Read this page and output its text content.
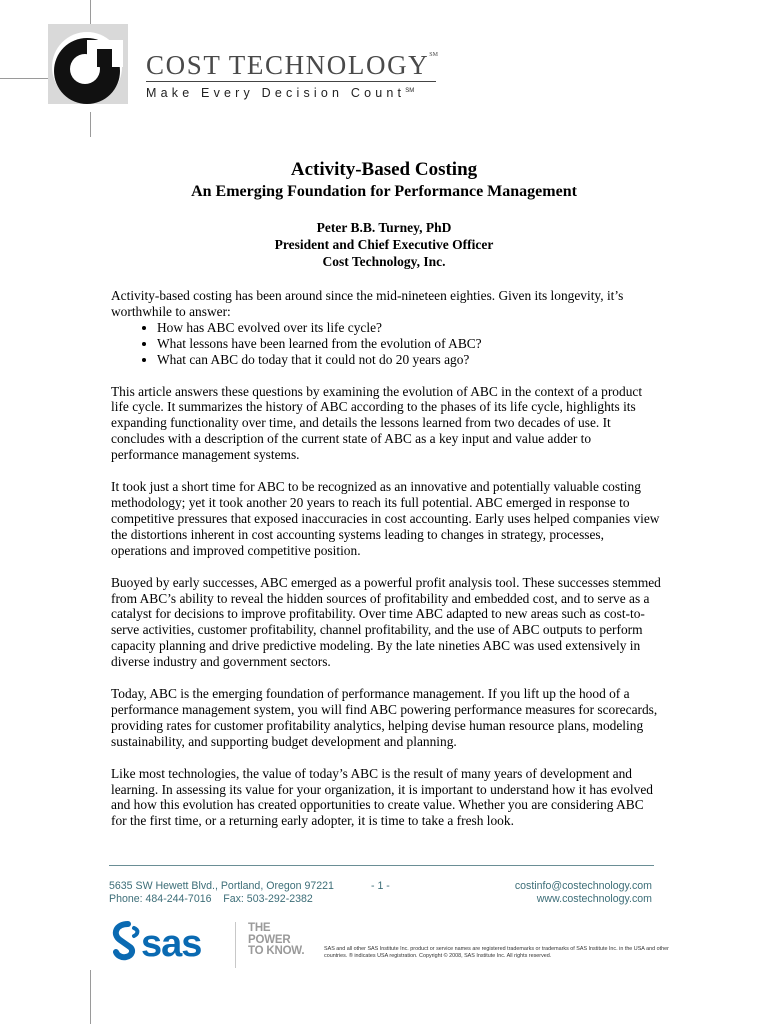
COST TECHNOLOGY℠
Make Every Decision Count℠
Activity-Based Costing
An Emerging Foundation for Performance Management
Peter B.B. Turney, PhD
President and Chief Executive Officer
Cost Technology, Inc.

Activity-based costing has been around since the mid-nineteen eighties. Given its longevity, it’s worthwhile to answer:

• How has ABC evolved over its life cycle?
• What lessons have been learned from the evolution of ABC?
• What can ABC do today that it could not do 20 years ago?

This article answers these questions by examining the evolution of ABC in the context of a product life cycle. It summarizes the history of ABC according to the phases of its life cycle, highlights its expanding functionality over time, and details the lessons learned from two decades of use. It concludes with a description of the current state of ABC as a key input and value adder to performance management systems.

It took just a short time for ABC to be recognized as an innovative and potentially valuable costing methodology; yet it took another 20 years to reach its full potential. ABC emerged in response to competitive pressures that exposed inaccuracies in cost accounting. Early uses helped companies view the distortions inherent in cost accounting systems leading to changes in strategy, processes, operations and improved competitive position.

Buoyed by early successes, ABC emerged as a powerful profit analysis tool. These successes stemmed from ABC’s ability to reveal the hidden sources of profitability and embedded cost, and to serve as a catalyst for decisions to improve profitability. Over time ABC adapted to new areas such as cost-to-serve activities, customer profitability, channel profitability, and the use of ABC outputs to perform capacity planning and drive predictive modeling. By the late nineties ABC was used extensively in diverse industry and government sectors.

Today, ABC is the emerging foundation of performance management. If you lift up the hood of a performance management system, you will find ABC powering performance measures for scorecards, providing rates for customer profitability analytics, helping devise human resource plans, modeling sustainability, and supporting budget development and planning.

Like most technologies, the value of today’s ABC is the result of many years of development and learning. In assessing its value for your organization, it is important to understand how it has evolved and how this evolution has created opportunities to create value. Whether you are considering ABC for the first time, or a returning early adopter, it is time to take a fresh look.

5635 SW Hewett Blvd., Portland, Oregon 97221
Phone: 484-244-7016    Fax: 503-292-2382
- 1 -	costinfo@costechnology.com
www.costechnology.com
sas	THE
POWER
TO KNOW.	SAS and all other SAS Institute Inc. product or service names are registered trademarks or trademarks of SAS Institute Inc. in the USA and other countries. ® indicates USA registration. Copyright © 2008, SAS Institute Inc. All rights reserved.
